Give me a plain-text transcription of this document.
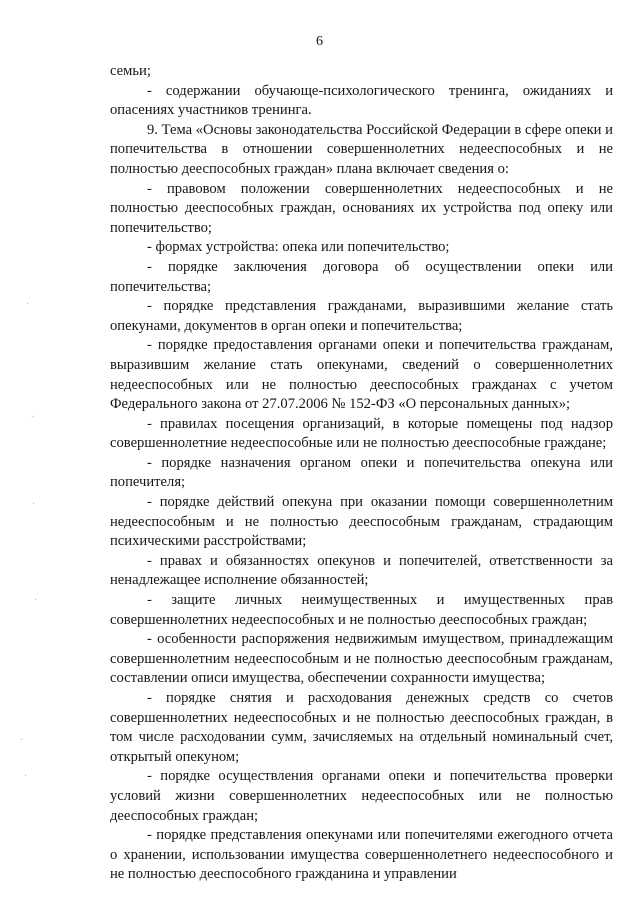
6

семьи;

- содержании обучающе-психологического тренинга, ожиданиях и опасениях участников тренинга.

9. Тема «Основы законодательства Российской Федерации в сфере опеки и попечительства в отношении совершеннолетних недееспособных и не полностью дееспособных граждан» плана включает сведения о:

- правовом положении совершеннолетних недееспособных и не полностью дееспособных граждан, основаниях их устройства под опеку или попечительство;

- формах устройства: опека или попечительство;

- порядке заключения договора об осуществлении опеки или попечительства;

- порядке представления гражданами, выразившими желание стать опекунами, документов в орган опеки и попечительства;

- порядке предоставления органами опеки и попечительства гражданам, выразившим желание стать опекунами, сведений о совершеннолетних недееспособных или не полностью дееспособных гражданах с учетом Федерального закона от 27.07.2006 № 152-ФЗ «О персональных данных»;

- правилах посещения организаций, в которые помещены под надзор совершеннолетние недееспособные или не полностью дееспособные граждане;

- порядке назначения органом опеки и попечительства опекуна или попечителя;

- порядке действий опекуна при оказании помощи совершеннолетним недееспособным и не полностью дееспособным гражданам, страдающим психическими расстройствами;

- правах и обязанностях опекунов и попечителей, ответственности за ненадлежащее исполнение обязанностей;

- защите личных неимущественных и имущественных прав совершеннолетних недееспособных и не полностью дееспособных граждан;

- особенности распоряжения недвижимым имуществом, принадлежащим совершеннолетним недееспособным и не полностью дееспособным гражданам, составлении описи имущества, обеспечении сохранности имущества;

- порядке снятия и расходования денежных средств со счетов совершеннолетних недееспособных и не полностью дееспособных граждан, в том числе расходовании сумм, зачисляемых на отдельный номинальный счет, открытый опекуном;

- порядке осуществления органами опеки и попечительства проверки условий жизни совершеннолетних недееспособных или не полностью дееспособных граждан;

- порядке представления опекунами или попечителями ежегодного отчета о хранении, использовании имущества совершеннолетнего недееспособного и не полностью дееспособного гражданина и управлении

·
ˏ
·
·
·
·
